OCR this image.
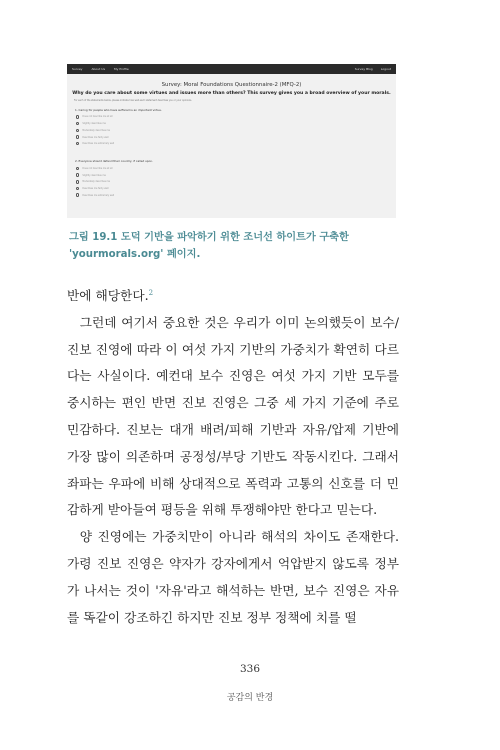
Survey	About Us	My Profile	Survey Blog	Logout
Survey: Moral Foundations Questionnaire-2 (MFQ-2)
Why do you care about some virtues and issues more than others? This survey gives you a broad overview of your morals.
For each of the statements below, please indicate how well each statement describes you or your opinions.
1. Caring for people who have suffered is an important virtue.
Does not describe me at all
Slightly describes me
Moderately describes me
Describes me fairly well
Describes me extremely well
2. Everyone should defend their country, if called upon.
Does not describe me at all
Slightly describes me
Moderately describes me
Describes me fairly well
Describes me extremely well
그림 19.1 도덕 기반을 파악하기 위한 조너선 하이트가 구축한 'yourmorals.org' 페이지.

반에 해당한다.$^2$

그런데 여기서 중요한 것은 우리가 이미 논의했듯이 보수/진보 진영에 따라 이 여섯 가지 기반의 가중치가 확연히 다르다는 사실이다. 예컨대 보수 진영은 여섯 가지 기반 모두를 중시하는 편인 반면 진보 진영은 그중 세 가지 기준에 주로 민감하다. 진보는 대개 배려/피해 기반과 자유/압제 기반에 가장 많이 의존하며 공정성/부당 기반도 작동시킨다. 그래서 좌파는 우파에 비해 상대적으로 폭력과 고통의 신호를 더 민감하게 받아들여 평등을 위해 투쟁해야만 한다고 믿는다.

양 진영에는 가중치만이 아니라 해석의 차이도 존재한다. 가령 진보 진영은 약자가 강자에게서 억압받지 않도록 정부가 나서는 것이 '자유'라고 해석하는 반면, 보수 진영은 자유를 똑같이 강조하긴 하지만 진보 정부 정책에 치를 떨

336
공감의 반경
